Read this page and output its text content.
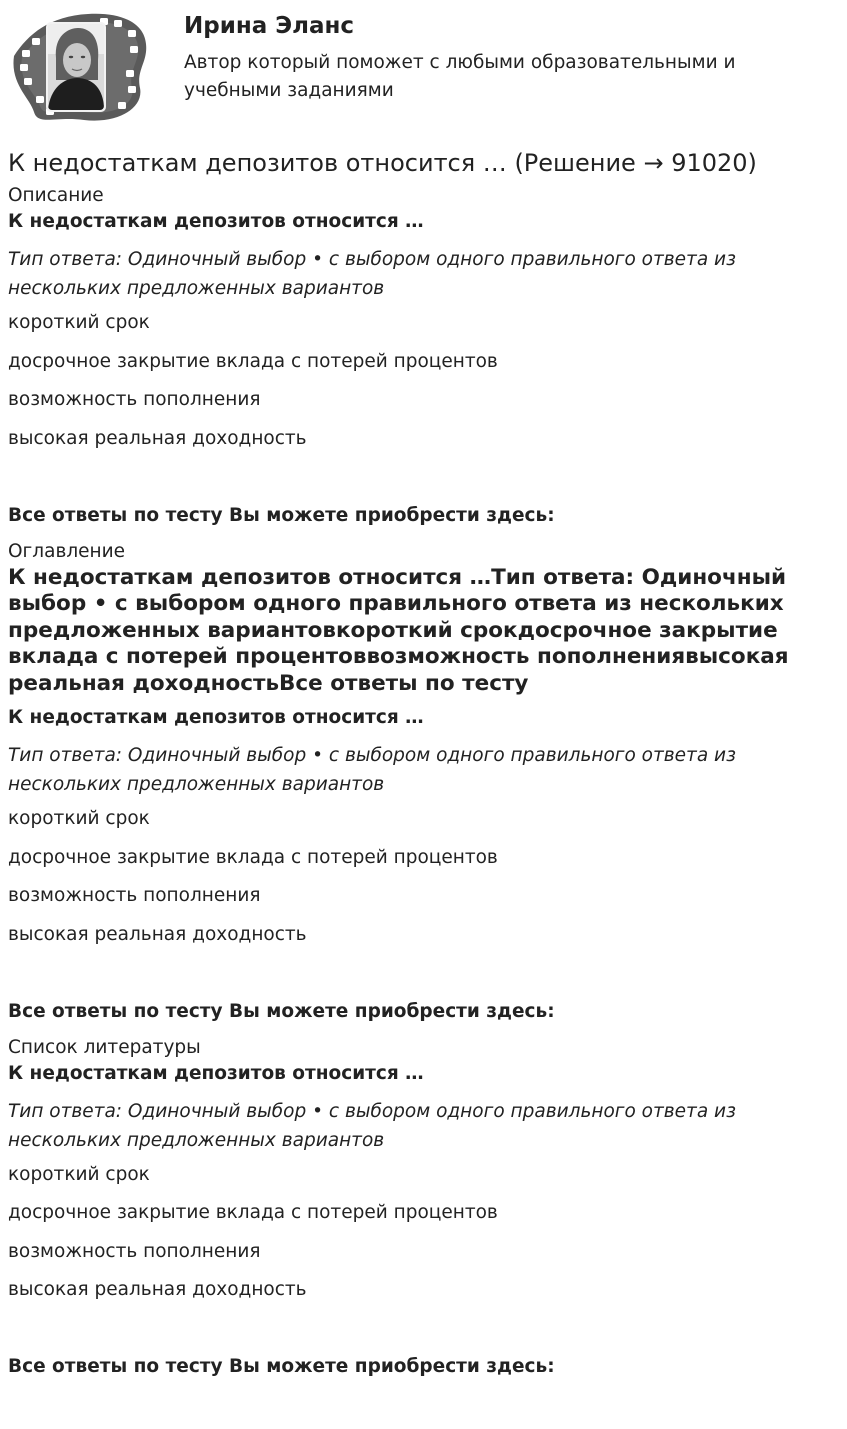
Ирина Эланс
Автор который поможет с любыми образовательными и учебными заданиями
К недостаткам депозитов относится … (Решение → 91020)

Описание

К недостаткам депозитов относится …

Тип ответа: Одиночный выбор • с выбором одного правильного ответа из нескольких предложенных вариантов

короткий срок

досрочное закрытие вклада с потерей процентов

возможность пополнения

высокая реальная доходность

Все ответы по тесту Вы можете приобрести здесь:

Оглавление

К недостаткам депозитов относится …Тип ответа: Одиночный выбор • с выбором одного правильного ответа из нескольких предложенных вариантовкороткий срокдосрочное закрытие вклада с потерей процентоввозможность пополнениявысокая реальная доходностьВсе ответы по тесту

К недостаткам депозитов относится …

Тип ответа: Одиночный выбор • с выбором одного правильного ответа из нескольких предложенных вариантов

короткий срок

досрочное закрытие вклада с потерей процентов

возможность пополнения

высокая реальная доходность

Все ответы по тесту Вы можете приобрести здесь:

Список литературы

К недостаткам депозитов относится …

Тип ответа: Одиночный выбор • с выбором одного правильного ответа из нескольких предложенных вариантов

короткий срок

досрочное закрытие вклада с потерей процентов

возможность пополнения

высокая реальная доходность

Все ответы по тесту Вы можете приобрести здесь:
